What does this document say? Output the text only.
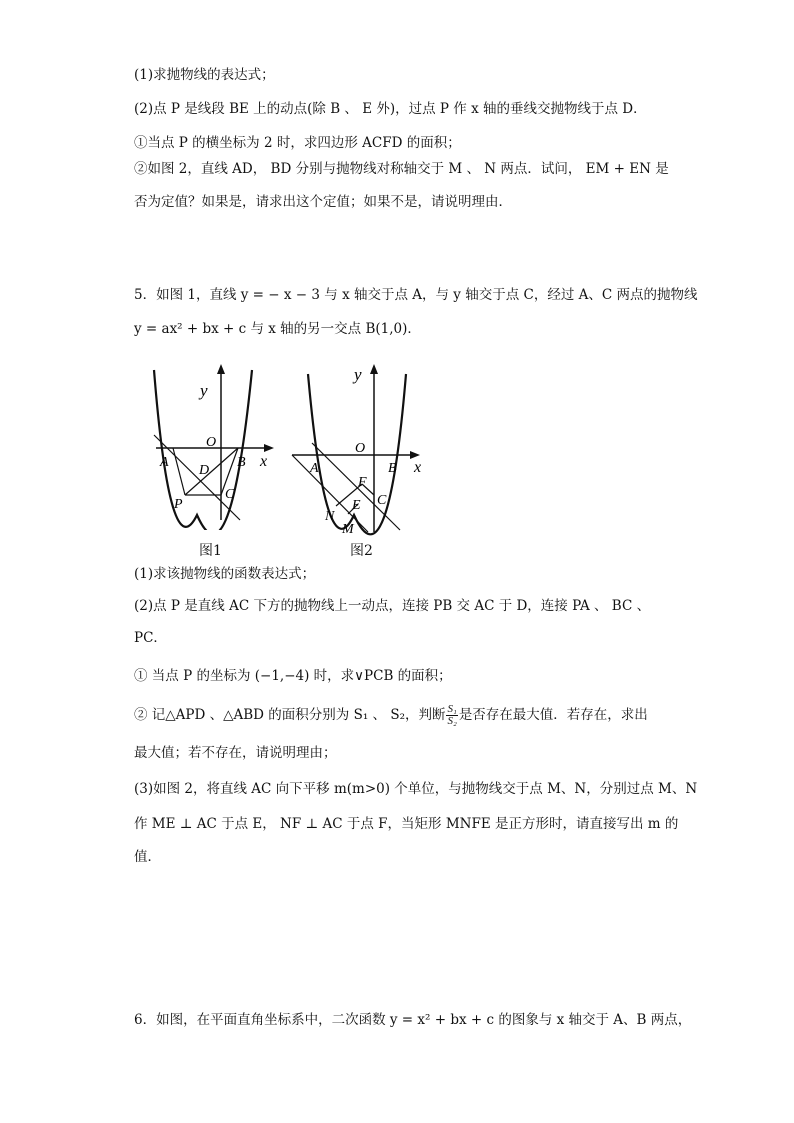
(1)求抛物线的表达式；
(2)点 P 是线段 BE 上的动点(除 B 、 E 外)，过点 P 作 x 轴的垂线交抛物线于点 D．
①当点 P 的横坐标为 2 时，求四边形 ACFD 的面积；
②如图 2，直线 AD， BD 分别与抛物线对称轴交于 M 、 N 两点．试问， EM + EN 是
否为定值？如果是，请求出这个定值；如果不是，请说明理由．
5．如图 1，直线 y = − x − 3 与 x 轴交于点 A，与 y 轴交于点 C，经过 A、C 两点的抛物线
y = ax² + bx + c 与 x 轴的另一交点 B(1,0)．
y
x
O
A	B
C
D
P
图1
y
x
O
A	B
C
F
E
N
M
图2
(1)求该抛物线的函数表达式；
(2)点 P 是直线 AC 下方的抛物线上一动点，连接 PB 交 AC 于 D，连接 PA 、 BC 、
PC．
① 当点 P 的坐标为 (−1,−4) 时，求∨PCB 的面积；
② 记△APD 、△ABD 的面积分别为 S₁ 、 S₂，判断 $\frac{\text{S₁}}{\text{S₂}}$ 是否存在最大值．若存在，求出
最大值；若不存在，请说明理由；
(3)如图 2，将直线 AC 向下平移 m(m>0) 个单位，与抛物线交于点 M、N，分别过点 M、N
作 ME ⊥ AC 于点 E， NF ⊥ AC 于点 F，当矩形 MNFE 是正方形时，请直接写出 m 的
值．
6．如图，在平面直角坐标系中，二次函数 y = x² + bx + c 的图象与 x 轴交于 A、B 两点，
